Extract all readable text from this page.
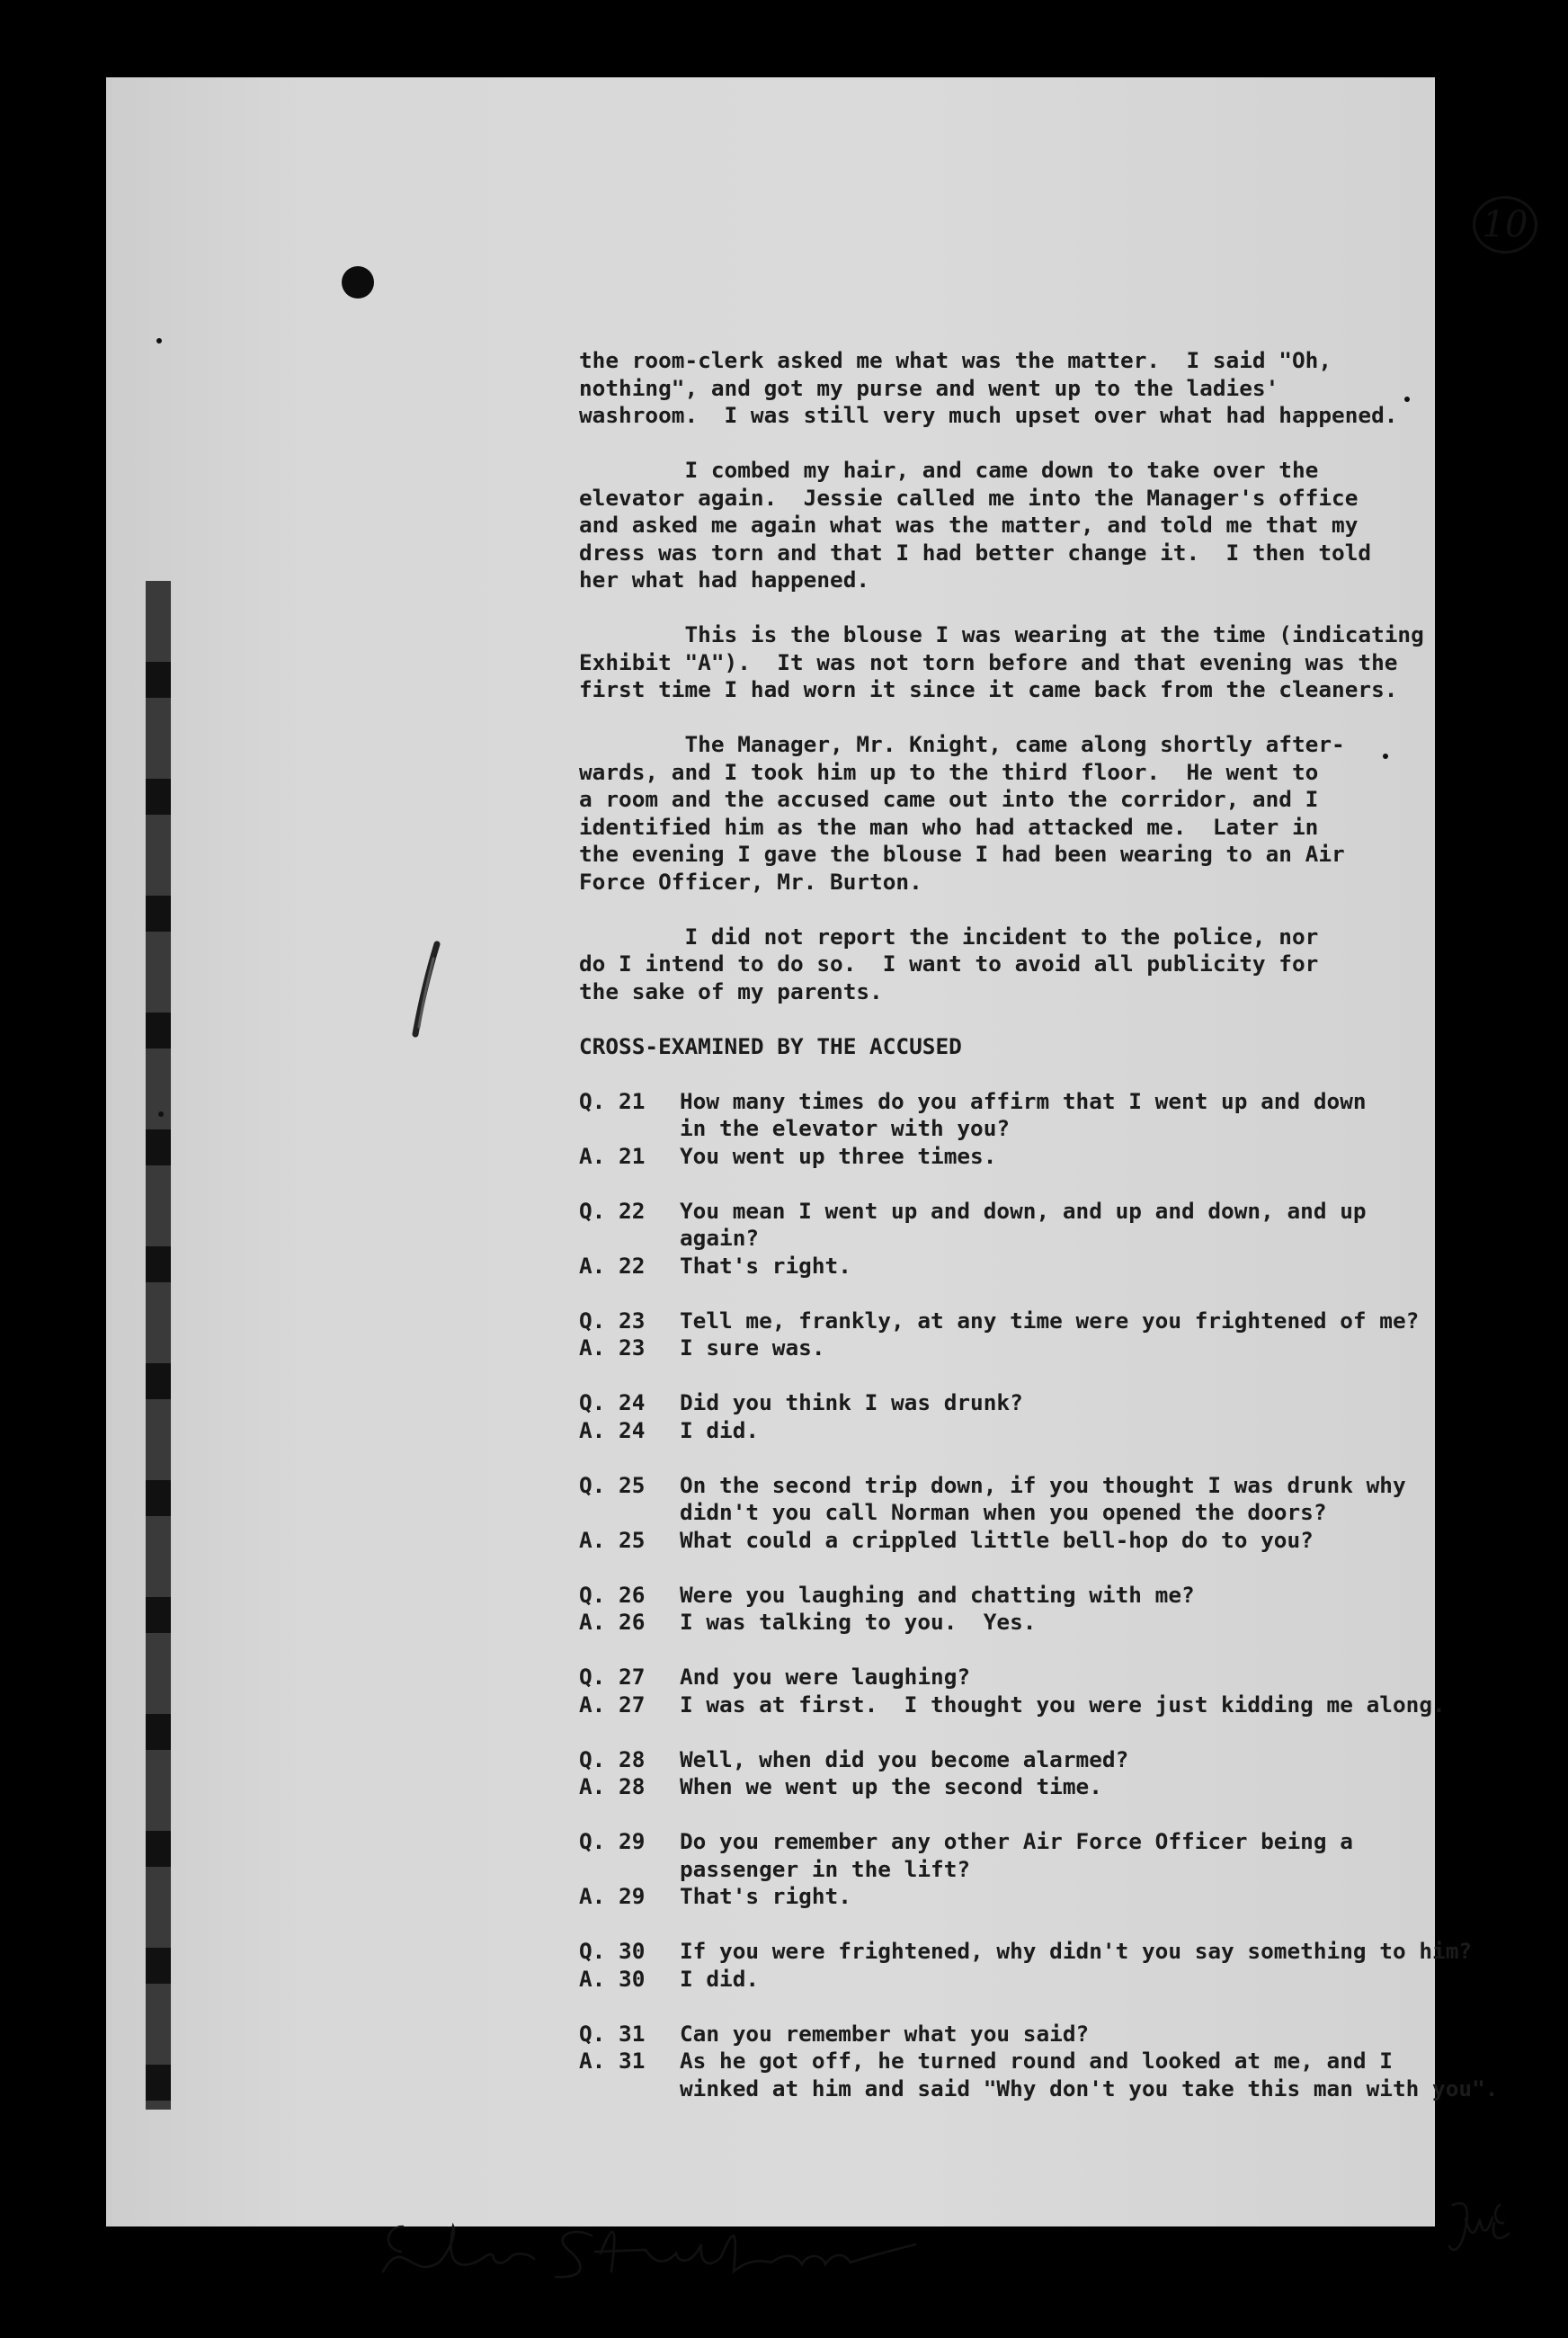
10
the room-clerk asked me what was the matter.  I said "Oh,
nothing", and got my purse and went up to the ladies'
washroom.  I was still very much upset over what had happened.
I combed my hair, and came down to take over the
elevator again.  Jessie called me into the Manager's office
and asked me again what was the matter, and told me that my
dress was torn and that I had better change it.  I then told
her what had happened.
This is the blouse I was wearing at the time (indicating
Exhibit "A").  It was not torn before and that evening was the
first time I had worn it since it came back from the cleaners.
The Manager, Mr. Knight, came along shortly after-
wards, and I took him up to the third floor.  He went to
a room and the accused came out into the corridor, and I
identified him as the man who had attacked me.  Later in
the evening I gave the blouse I had been wearing to an Air
Force Officer, Mr. Burton.
I did not report the incident to the police, nor
do I intend to do so.  I want to avoid all publicity for
the sake of my parents.
CROSS-EXAMINED BY THE ACCUSED
Q. 21	How many times do you affirm that I went up and down
in the elevator with you?
A. 21	You went up three times.
Q. 22	You mean I went up and down, and up and down, and up
again?
A. 22	That's right.
Q. 23	Tell me, frankly, at any time were you frightened of me?
A. 23	I sure was.
Q. 24	Did you think I was drunk?
A. 24	I did.
Q. 25	On the second trip down, if you thought I was drunk why
didn't you call Norman when you opened the doors?
A. 25	What could a crippled little bell-hop do to you?
Q. 26	Were you laughing and chatting with me?
A. 26	I was talking to you.  Yes.
Q. 27	And you were laughing?
A. 27	I was at first.  I thought you were just kidding me along.
Q. 28	Well, when did you become alarmed?
A. 28	When we went up the second time.
Q. 29	Do you remember any other Air Force Officer being a
passenger in the lift?
A. 29	That's right.
Q. 30	If you were frightened, why didn't you say something to him?
A. 30	I did.
Q. 31	Can you remember what you said?
A. 31	As he got off, he turned round and looked at me, and I
winked at him and said "Why don't you take this man with you".
